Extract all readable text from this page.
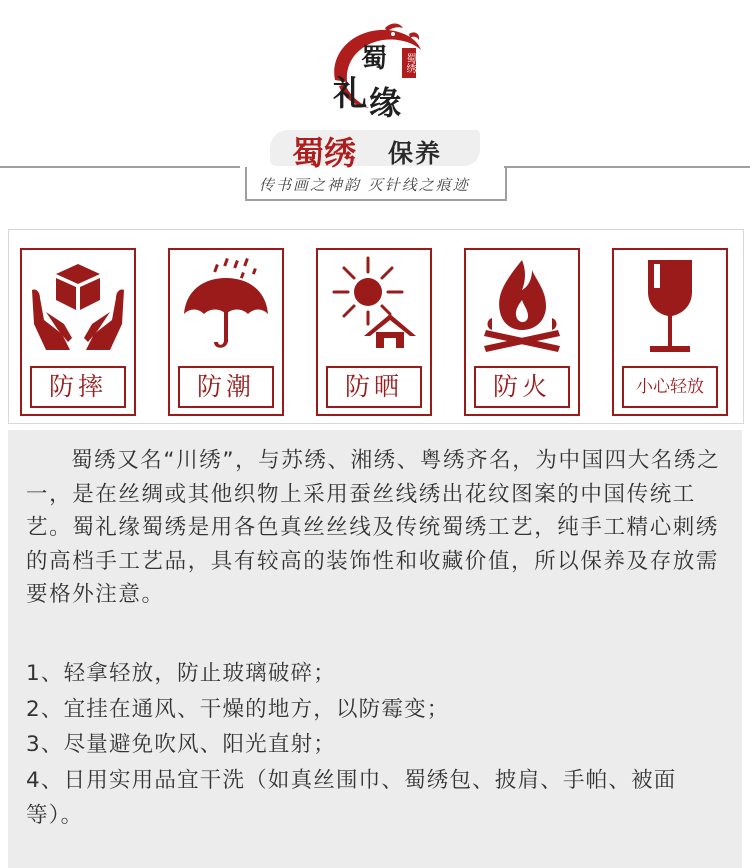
蜀
礼 缘
蜀绣
蜀绣 保养
传书画之神韵 灭针线之痕迹
防摔	防潮	防晒	防火	小心轻放

蜀绣又名“川绣”，与苏绣、湘绣、粤绣齐名，为中国四大名绣之一，是在丝绸或其他织物上采用蚕丝线绣出花纹图案的中国传统工艺。蜀礼缘蜀绣是用各色真丝丝线及传统蜀绣工艺，纯手工精心刺绣的高档手工艺品，具有较高的装饰性和收藏价值，所以保养及存放需要格外注意。

1、轻拿轻放，防止玻璃破碎；
2、宜挂在通风、干燥的地方，以防霉变；
3、尽量避免吹风、阳光直射；
4、日用实用品宜干洗（如真丝围巾、蜀绣包、披肩、手帕、被面等）。
